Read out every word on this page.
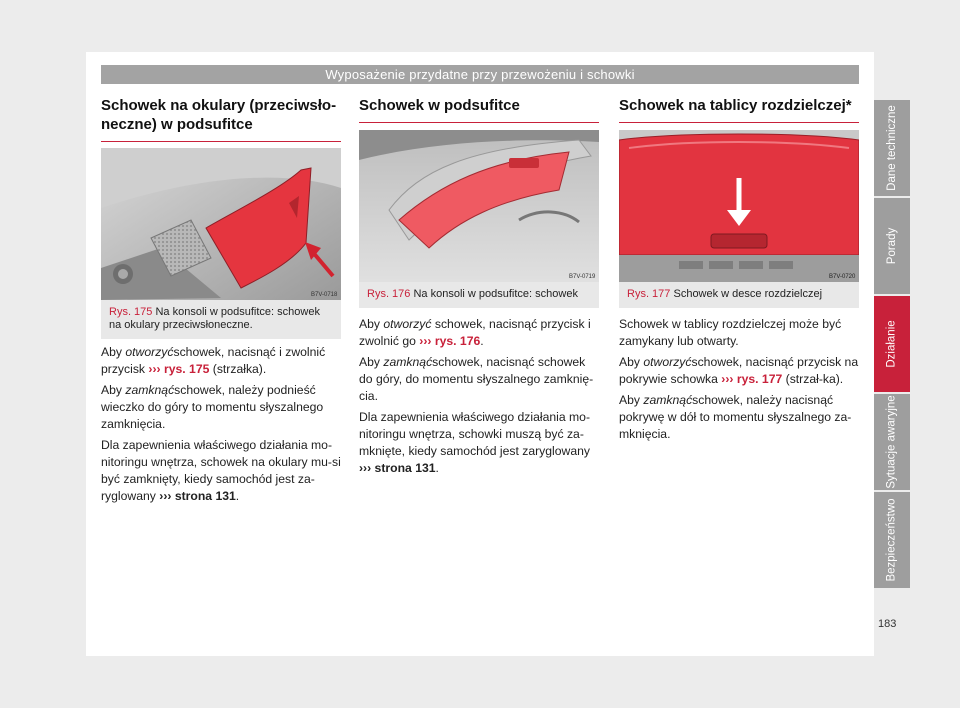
Wyposażenie przydatne przy przewożeniu i schowki
Schowek na okulary (przeciwsło-
neczne) w podsufitce
B7V-0718
Rys. 175 Na konsoli w podsufitce: schowek na okulary przeciwsłoneczne.

Aby otworzyćschowek, nacisnąć i zwolnić przycisk ››› rys. 175 (strzałka).

Aby zamknąćschowek, należy podnieść wieczko do góry to momentu słyszalnego zamknięcia.

Dla zapewnienia właściwego działania mo-nitoringu wnętrza, schowek na okulary mu-si być zamknięty, kiedy samochód jest za-ryglowany ››› strona 131.

Schowek w podsufitce
B7V-0719
Rys. 176 Na konsoli w podsufitce: schowek

Aby otworzyć schowek, nacisnąć przycisk i zwolnić go ››› rys. 176.

Aby zamknąćschowek, nacisnąć schowek do góry, do momentu słyszalnego zamknię-cia.

Dla zapewnienia właściwego działania mo-nitoringu wnętrza, schowki muszą być za-mknięte, kiedy samochód jest zaryglowany ››› strona 131.

Schowek na tablicy rozdzielczej*
B7V-0720
Rys. 177 Schowek w desce rozdzielczej

Schowek w tablicy rozdzielczej może być zamykany lub otwarty.

Aby otworzyćschowek, nacisnąć przycisk na pokrywie schowka ››› rys. 177 (strzał-ka).

Aby zamknąćschowek, należy nacisnąć pokrywę w dół to momentu słyszalnego za-mknięcia.

Dane techniczne
Porady
Działanie
Sytuacje awaryjne
Bezpieczeństwo
183
